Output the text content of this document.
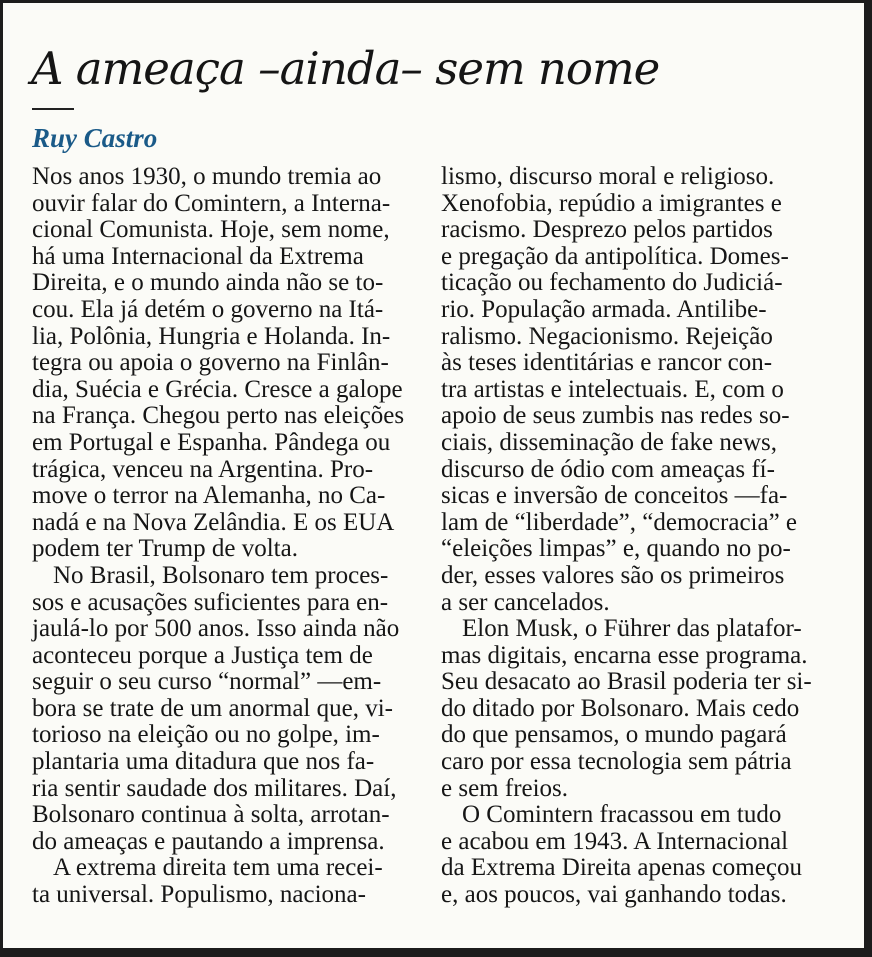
A ameaça –ainda– sem nome
Ruy Castro
Nos anos 1930, o mundo tremia ao
ouvir falar do Comintern, a Interna-
cional Comunista. Hoje, sem nome,
há uma Internacional da Extrema
Direita, e o mundo ainda não se to-
cou. Ela já detém o governo na Itá-
lia, Polônia, Hungria e Holanda. In-
tegra ou apoia o governo na Finlân-
dia, Suécia e Grécia. Cresce a galope
na França. Chegou perto nas eleições
em Portugal e Espanha. Pândega ou
trágica, venceu na Argentina. Pro-
move o terror na Alemanha, no Ca-
nadá e na Nova Zelândia. E os EUA
podem ter Trump de volta.
No Brasil, Bolsonaro tem proces-
sos e acusações suficientes para en-
jaulá-lo por 500 anos. Isso ainda não
aconteceu porque a Justiça tem de
seguir o seu curso “normal” —em-
bora se trate de um anormal que, vi-
torioso na eleição ou no golpe, im-
plantaria uma ditadura que nos fa-
ria sentir saudade dos militares. Daí,
Bolsonaro continua à solta, arrotan-
do ameaças e pautando a imprensa.
A extrema direita tem uma recei-
ta universal. Populismo, naciona-
lismo, discurso moral e religioso.
Xenofobia, repúdio a imigrantes e
racismo. Desprezo pelos partidos
e pregação da antipolítica. Domes-
ticação ou fechamento do Judiciá-
rio. População armada. Antilibe-
ralismo. Negacionismo. Rejeição
às teses identitárias e rancor con-
tra artistas e intelectuais. E, com o
apoio de seus zumbis nas redes so-
ciais, disseminação de fake news,
discurso de ódio com ameaças fí-
sicas e inversão de conceitos —fa-
lam de “liberdade”, “democracia” e
“eleições limpas” e, quando no po-
der, esses valores são os primeiros
a ser cancelados.
Elon Musk, o Führer das platafor-
mas digitais, encarna esse programa.
Seu desacato ao Brasil poderia ter si-
do ditado por Bolsonaro. Mais cedo
do que pensamos, o mundo pagará
caro por essa tecnologia sem pátria
e sem freios.
O Comintern fracassou em tudo
e acabou em 1943. A Internacional
da Extrema Direita apenas começou
e, aos poucos, vai ganhando todas.
